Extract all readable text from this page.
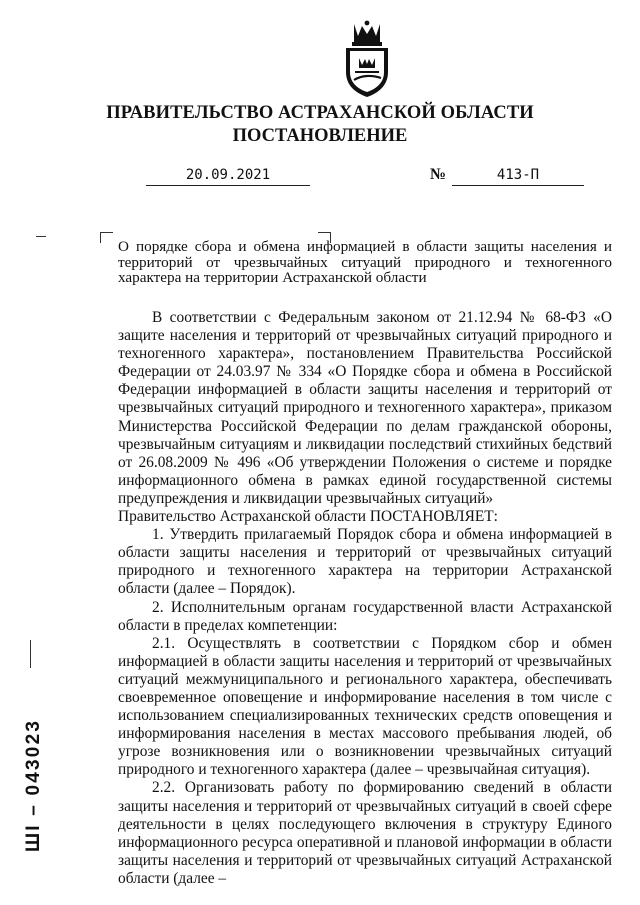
ПРАВИТЕЛЬСТВО АСТРАХАНСКОЙ ОБЛАСТИ
ПОСТАНОВЛЕНИЕ
20.09.2021	№	413-П
О порядке сбора и обмена информацией в области защиты населения и территорий от чрезвычайных ситуаций природного и техногенного характера на территории Астраханской области

В соответствии с Федеральным законом от 21.12.94 № 68-ФЗ «О защите населения и территорий от чрезвычайных ситуаций природного и техногенного характера», постановлением Правительства Российской Федерации от 24.03.97 № 334 «О Порядке сбора и обмена в Российской Федерации информацией в области защиты населения и территорий от чрезвычайных ситуаций природного и техногенного характера», приказом Министерства Российской Федерации по делам гражданской обороны, чрезвычайным ситуациям и ликвидации последствий стихийных бедствий от 26.08.2009 № 496 «Об утверждении Положения о системе и порядке информационного обмена в рамках единой государственной системы предупреждения и ликвидации чрезвычайных ситуаций»

Правительство Астраханской области ПОСТАНОВЛЯЕТ:

1. Утвердить прилагаемый Порядок сбора и обмена информацией в области защиты населения и территорий от чрезвычайных ситуаций природного и техногенного характера на территории Астраханской области (далее – Порядок).

2. Исполнительным органам государственной власти Астраханской области в пределах компетенции:

2.1. Осуществлять в соответствии с Порядком сбор и обмен информацией в области защиты населения и территорий от чрезвычайных ситуаций межмуниципального и регионального характера, обеспечивать своевременное оповещение и информирование населения в том числе с использованием специализированных технических средств оповещения и информирования населения в местах массового пребывания людей, об угрозе возникновения или о возникновении чрезвычайных ситуаций природного и техногенного характера (далее – чрезвычайная ситуация).

2.2. Организовать работу по формированию сведений в области защиты населения и территорий от чрезвычайных ситуаций в своей сфере деятельности в целях последующего включения в структуру Единого информационного ресурса оперативной и плановой информации в области защиты населения и территорий от чрезвычайных ситуаций Астраханской области (далее –

ШI – 043023
